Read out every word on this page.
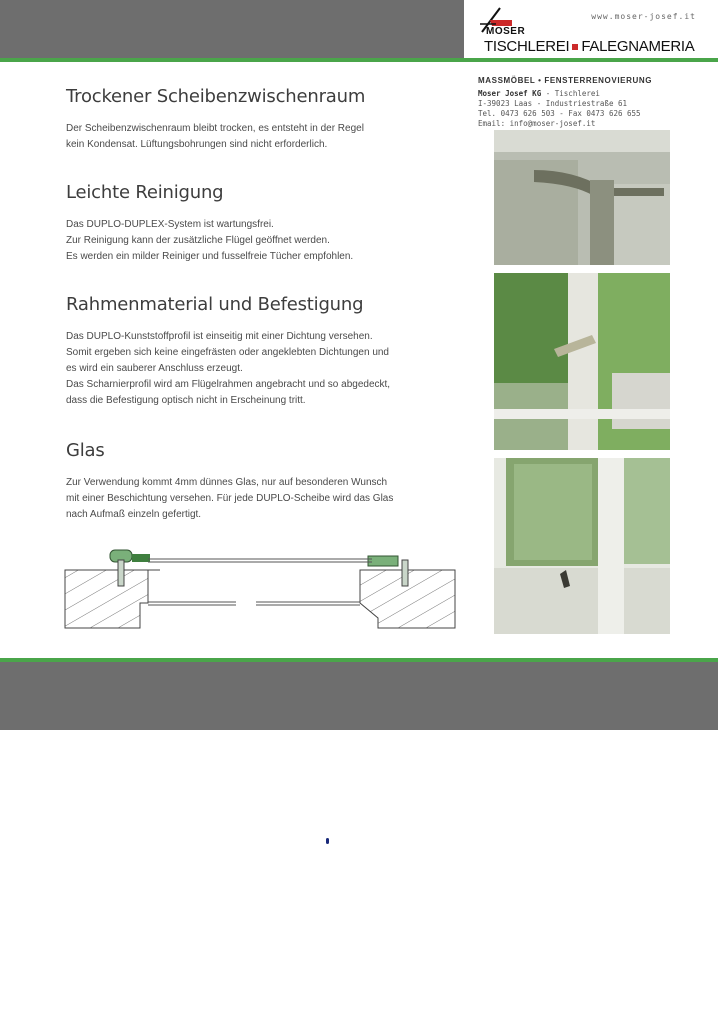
www.moser-josef.it
MOSER
TISCHLEREI FALEGNAMERIA
Trockener Scheibenzwischenraum

Der Scheibenzwischenraum bleibt trocken, es entsteht in der Regel

kein Kondensat. Lüftungsbohrungen sind nicht erforderlich.

Leichte Reinigung

Das DUPLO-DUPLEX-System ist wartungsfrei.

Zur Reinigung kann der zusätzliche Flügel geöffnet werden.

Es werden ein milder Reiniger und fusselfreie Tücher empfohlen.

Rahmenmaterial und Befestigung

Das DUPLO-Kunststoffprofil ist einseitig mit einer Dichtung versehen.

Somit ergeben sich keine eingefrästen oder angeklebten Dichtungen und

es wird ein sauberer Anschluss erzeugt.

Das Scharnierprofil wird am Flügelrahmen angebracht und so abgedeckt,

dass die Befestigung optisch nicht in Erscheinung tritt.

Glas

Zur Verwendung kommt 4mm dünnes Glas, nur auf besonderen Wunsch

mit einer Beschichtung versehen. Für jede DUPLO-Scheibe wird das Glas

nach Aufmaß einzeln gefertigt.

MASSMÖBEL • FENSTERRENOVIERUNG
Moser Josef KG - Tischlerei
I-39023 Laas - Industriestraße 61
Tel. 0473 626 503 - Fax 0473 626 655
Email: info@moser-josef.it
